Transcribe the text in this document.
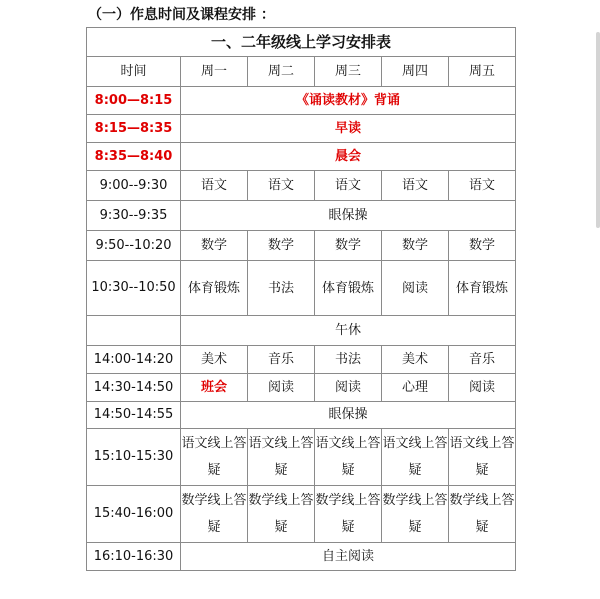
（一）作息时间及课程安排 ：
一、二年级线上学习安排表					
时间	周一	周二	周三	周四	周五
8:00—8:15	《诵读教材》背诵				
8:15—8:35	早读				
8:35—8:40	晨会				
9:00--9:30	语文	语文	语文	语文	语文
9:30--9:35	眼保操				
9:50--10:20	数学	数学	数学	数学	数学
10:30--10:50	体育锻炼	书法	体育锻炼	阅读	体育锻炼
	午休				
14:00-14:20	美术	音乐	书法	美术	音乐
14:30-14:50	班会	阅读	阅读	心理	阅读
14:50-14:55	眼保操				
15:10-15:30	语文线上答疑	语文线上答疑	语文线上答疑	语文线上答疑	语文线上答疑
15:40-16:00	数学线上答疑	数学线上答疑	数学线上答疑	数学线上答疑	数学线上答疑
16:10-16:30	自主阅读				
